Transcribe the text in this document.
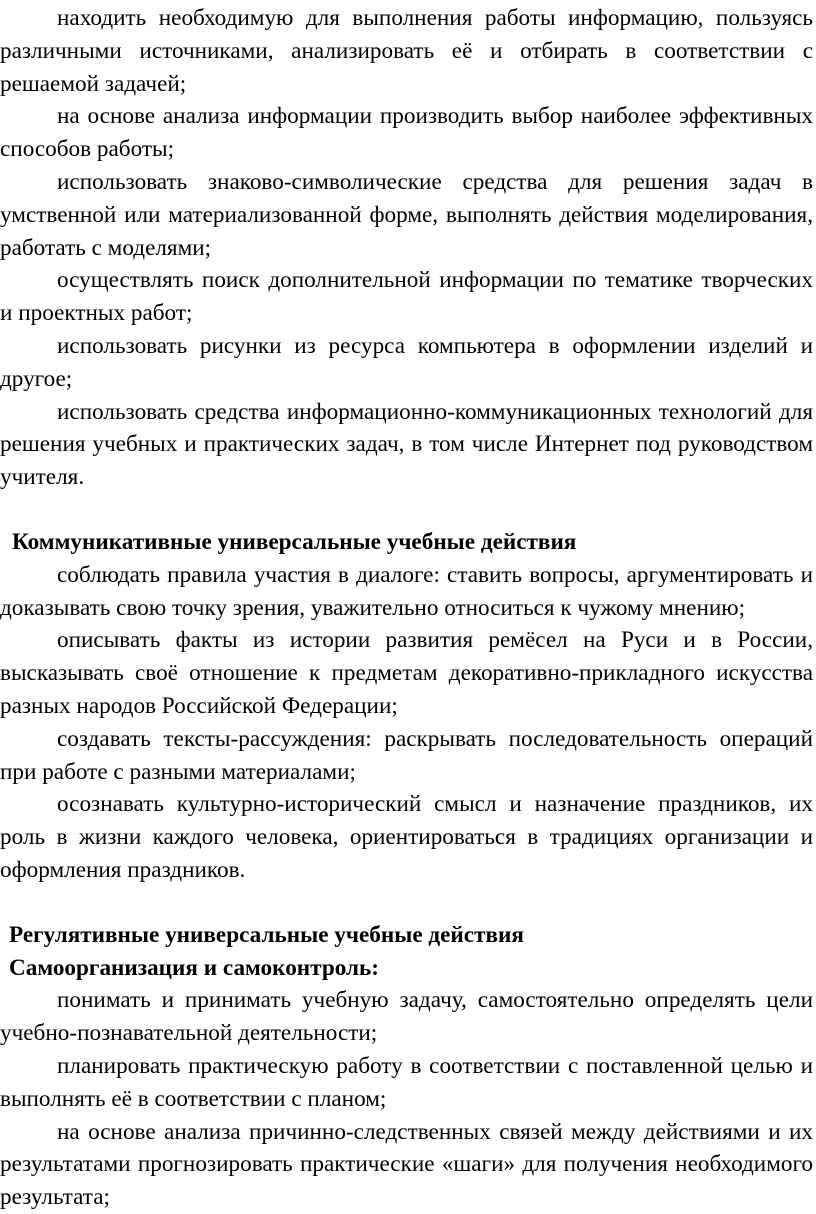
находить необходимую для выполнения работы информацию, пользуясь различными источниками, анализировать её и отбирать в соответствии с решаемой задачей;

на основе анализа информации производить выбор наиболее эффективных способов работы;

использовать знаково-символические средства для решения задач в умственной или материализованной форме, выполнять действия моделирования, работать с моделями;

осуществлять поиск дополнительной информации по тематике творческих и проектных работ;

использовать рисунки из ресурса компьютера в оформлении изделий и другое;

использовать средства информационно-коммуникационных технологий для решения учебных и практических задач, в том числе Интернет под руководством учителя.

Коммуникативные универсальные учебные действия

соблюдать правила участия в диалоге: ставить вопросы, аргументировать и доказывать свою точку зрения, уважительно относиться к чужому мнению;

описывать факты из истории развития ремёсел на Руси и в России, высказывать своё отношение к предметам декоративно-прикладного искусства разных народов Российской Федерации;

создавать тексты-рассуждения: раскрывать последовательность операций при работе с разными материалами;

осознавать культурно-исторический смысл и назначение праздников, их роль в жизни каждого человека, ориентироваться в традициях организации и оформления праздников.

Регулятивные универсальные учебные действия

Самоорганизация и самоконтроль:

понимать и принимать учебную задачу, самостоятельно определять цели учебно-познавательной деятельности;

планировать практическую работу в соответствии с поставленной целью и выполнять её в соответствии с планом;

на основе анализа причинно-следственных связей между действиями и их результатами прогнозировать практические «шаги» для получения необходимого результата;
